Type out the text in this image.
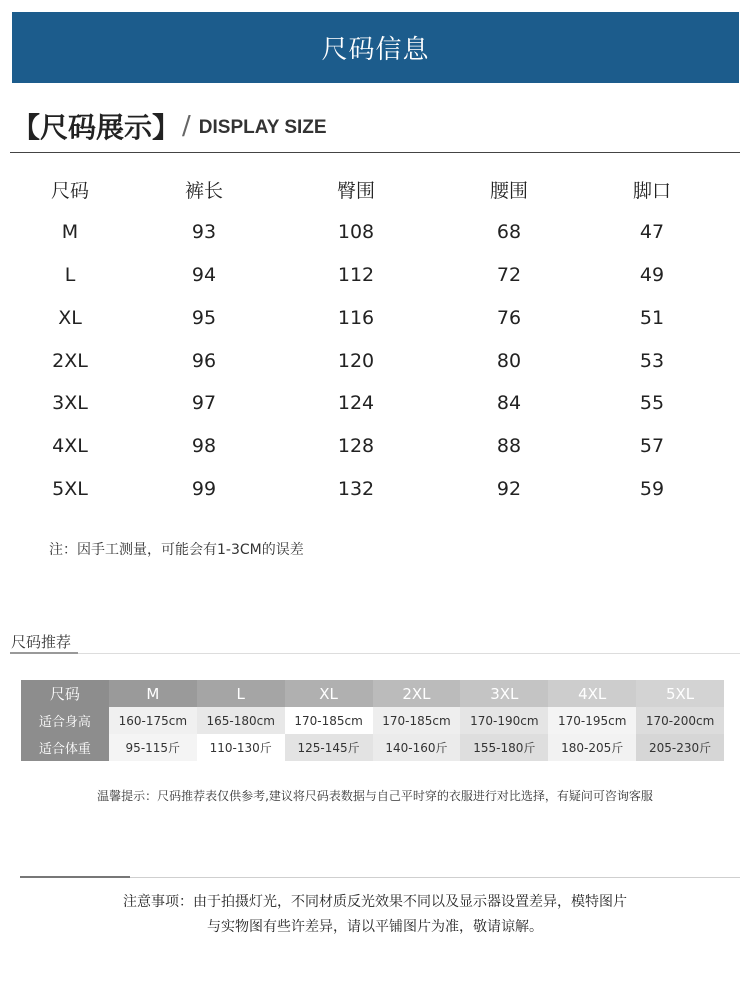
尺码信息
【尺码展示】 / DISPLAY SIZE
尺码	裤长	臀围	腰围	脚口
M	93	108	68	47
L	94	112	72	49
XL	95	116	76	51
2XL	96	120	80	53
3XL	97	124	84	55
4XL	98	128	88	57
5XL	99	132	92	59
注：因手工测量，可能会有1-3CM的误差
尺码推荐
尺码	M	L	XL	2XL	3XL	4XL	5XL
适合身高	160-175cm	165-180cm	170-185cm	170-185cm	170-190cm	170-195cm	170-200cm
适合体重	95-115斤	110-130斤	125-145斤	140-160斤	155-180斤	180-205斤	205-230斤
温馨提示：尺码推荐表仅供参考,建议将尺码表数据与自己平时穿的衣服进行对比选择，有疑问可咨询客服
注意事项：由于拍摄灯光，不同材质反光效果不同以及显示器设置差异，模特图片
与实物图有些许差异，请以平铺图片为准，敬请谅解。
